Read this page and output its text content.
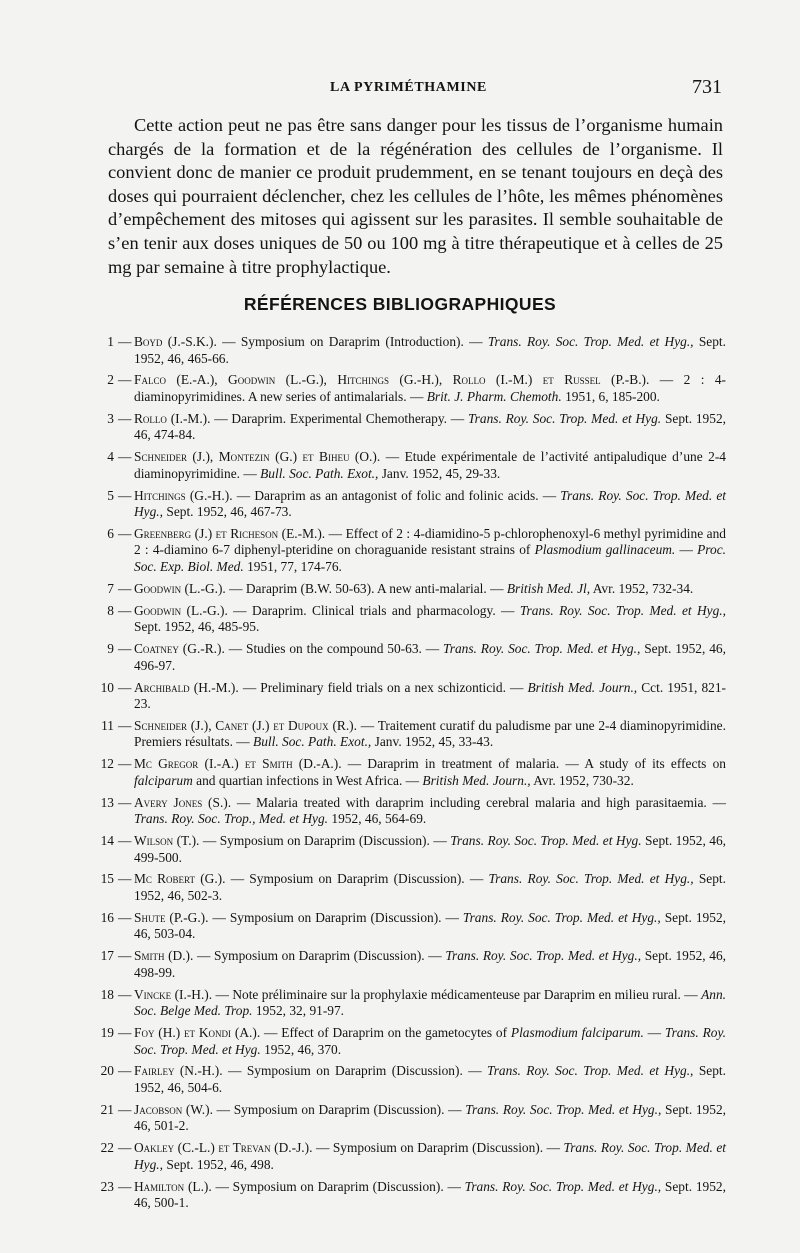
LA PYRIMÉTHAMINE	731

Cette action peut ne pas être sans danger pour les tissus de l’organisme humain chargés de la formation et de la régénération des cellules de l’organisme. Il convient donc de manier ce produit prudemment, en se tenant toujours en deçà des doses qui pourraient déclencher, chez les cellules de l’hôte, les mêmes phénomènes d’empêchement des mitoses qui agissent sur les parasites. Il semble souhaitable de s’en tenir aux doses uniques de 50 ou 100 mg à titre thérapeutique et à celles de 25 mg par semaine à titre prophylactique.

RÉFÉRENCES BIBLIOGRAPHIQUES
1 — Boyd (J.-S.K.). — Symposium on Daraprim (Introduction). — Trans. Roy. Soc. Trop. Med. et Hyg., Sept. 1952, 46, 465-66.
2 — Falco (E.-A.), Goodwin (L.-G.), Hitchings (G.-H.), Rollo (I.-M.) et Russel (P.-B.). — 2 : 4-diaminopyrimidines. A new series of antimalarials. — Brit. J. Pharm. Chemoth. 1951, 6, 185-200.
3 — Rollo (I.-M.). — Daraprim. Experimental Chemotherapy. — Trans. Roy. Soc. Trop. Med. et Hyg. Sept. 1952, 46, 474-84.
4 — Schneider (J.), Montezin (G.) et Biheu (O.). — Etude expérimentale de l’activité antipaludique d’une 2-4 diaminopyrimidine. — Bull. Soc. Path. Exot., Janv. 1952, 45, 29-33.
5 — Hitchings (G.-H.). — Daraprim as an antagonist of folic and folinic acids. — Trans. Roy. Soc. Trop. Med. et Hyg., Sept. 1952, 46, 467-73.
6 — Greenberg (J.) et Richeson (E.-M.). — Effect of 2 : 4-diamidino-5 p-chlorophenoxyl-6 methyl pyrimidine and 2 : 4-diamino 6-7 diphenyl-pteridine on choraguanide resistant strains of Plasmodium gallinaceum. — Proc. Soc. Exp. Biol. Med. 1951, 77, 174-76.
7 — Goodwin (L.-G.). — Daraprim (B.W. 50-63). A new anti-malarial. — British Med. Jl, Avr. 1952, 732-34.
8 — Goodwin (L.-G.). — Daraprim. Clinical trials and pharmacology. — Trans. Roy. Soc. Trop. Med. et Hyg., Sept. 1952, 46, 485-95.
9 — Coatney (G.-R.). — Studies on the compound 50-63. — Trans. Roy. Soc. Trop. Med. et Hyg., Sept. 1952, 46, 496-97.
10 — Archibald (H.-M.). — Preliminary field trials on a nex schizonticid. — British Med. Journ., Cct. 1951, 821-23.
11 — Schneider (J.), Canet (J.) et Dupoux (R.). — Traitement curatif du paludisme par une 2-4 diaminopyrimidine. Premiers résultats. — Bull. Soc. Path. Exot., Janv. 1952, 45, 33-43.
12 — Mc Gregor (I.-A.) et Smith (D.-A.). — Daraprim in treatment of malaria. — A study of its effects on falciparum and quartian infections in West Africa. — British Med. Journ., Avr. 1952, 730-32.
13 — Avery Jones (S.). — Malaria treated with daraprim including cerebral malaria and high parasitaemia. — Trans. Roy. Soc. Trop., Med. et Hyg. 1952, 46, 564-69.
14 — Wilson (T.). — Symposium on Daraprim (Discussion). — Trans. Roy. Soc. Trop. Med. et Hyg. Sept. 1952, 46, 499-500.
15 — Mc Robert (G.). — Symposium on Daraprim (Discussion). — Trans. Roy. Soc. Trop. Med. et Hyg., Sept. 1952, 46, 502-3.
16 — Shute (P.-G.). — Symposium on Daraprim (Discussion). — Trans. Roy. Soc. Trop. Med. et Hyg., Sept. 1952, 46, 503-04.
17 — Smith (D.). — Symposium on Daraprim (Discussion). — Trans. Roy. Soc. Trop. Med. et Hyg., Sept. 1952, 46, 498-99.
18 — Vincke (I.-H.). — Note préliminaire sur la prophylaxie médicamenteuse par Daraprim en milieu rural. — Ann. Soc. Belge Med. Trop. 1952, 32, 91-97.
19 — Foy (H.) et Kondi (A.). — Effect of Daraprim on the gametocytes of Plasmodium falciparum. — Trans. Roy. Soc. Trop. Med. et Hyg. 1952, 46, 370.
20 — Fairley (N.-H.). — Symposium on Daraprim (Discussion). — Trans. Roy. Soc. Trop. Med. et Hyg., Sept. 1952, 46, 504-6.
21 — Jacobson (W.). — Symposium on Daraprim (Discussion). — Trans. Roy. Soc. Trop. Med. et Hyg., Sept. 1952, 46, 501-2.
22 — Oakley (C.-L.) et Trevan (D.-J.). — Symposium on Daraprim (Discussion). — Trans. Roy. Soc. Trop. Med. et Hyg., Sept. 1952, 46, 498.
23 — Hamilton (L.). — Symposium on Daraprim (Discussion). — Trans. Roy. Soc. Trop. Med. et Hyg., Sept. 1952, 46, 500-1.
